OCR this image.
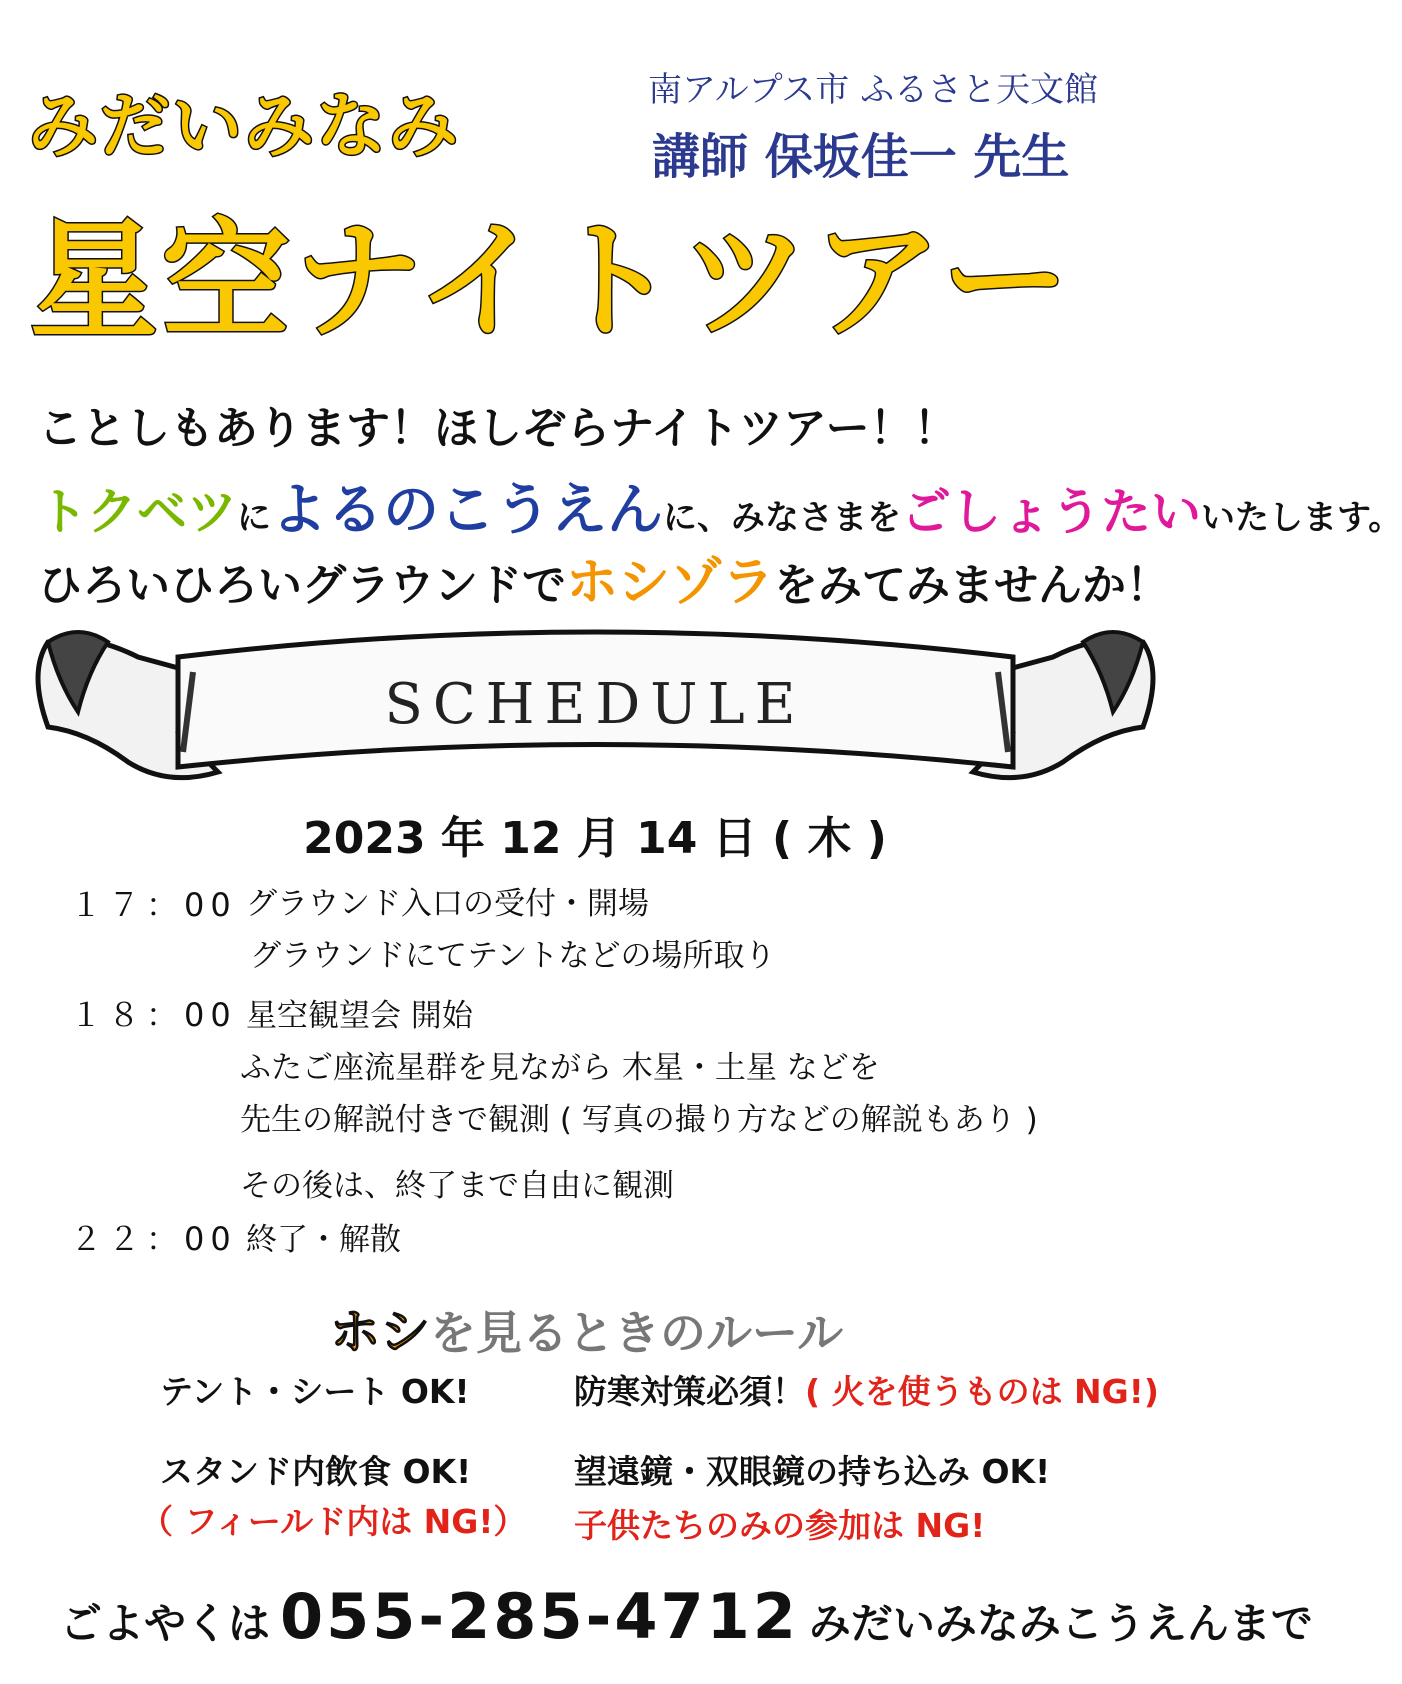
みだいみなみ	南アルプス市 ふるさと天文館
講師 保坂佳一 先生
星空ナイトツアー
ことしもあります！ほしぞらナイトツアー！！
トクベツによるのこうえんに、みなさまをごしょうたいいたします。
ひろいひろいグラウンドでホシゾラをみてみませんか！
SCHEDULE
2023 年 12 月 14 日 ( 木 )
１７：00 グラウンド入口の受付・開場
グラウンドにてテントなどの場所取り
１８：00 星空観望会 開始
ふたご座流星群を見ながら 木星・土星 などを
先生の解説付きで観測 ( 写真の撮り方などの解説もあり )
その後は、終了まで自由に観測
２２：00 終了・解散
ホシを見るときのルール
テント・シート OK!
スタンド内飲食 OK!
（ フィールド内は NG!）
防寒対策必須！( 火を使うものは NG!)
望遠鏡・双眼鏡の持ち込み OK!
子供たちのみの参加は NG!
ごよやくは 055-285-4712 みだいみなみこうえんまで
